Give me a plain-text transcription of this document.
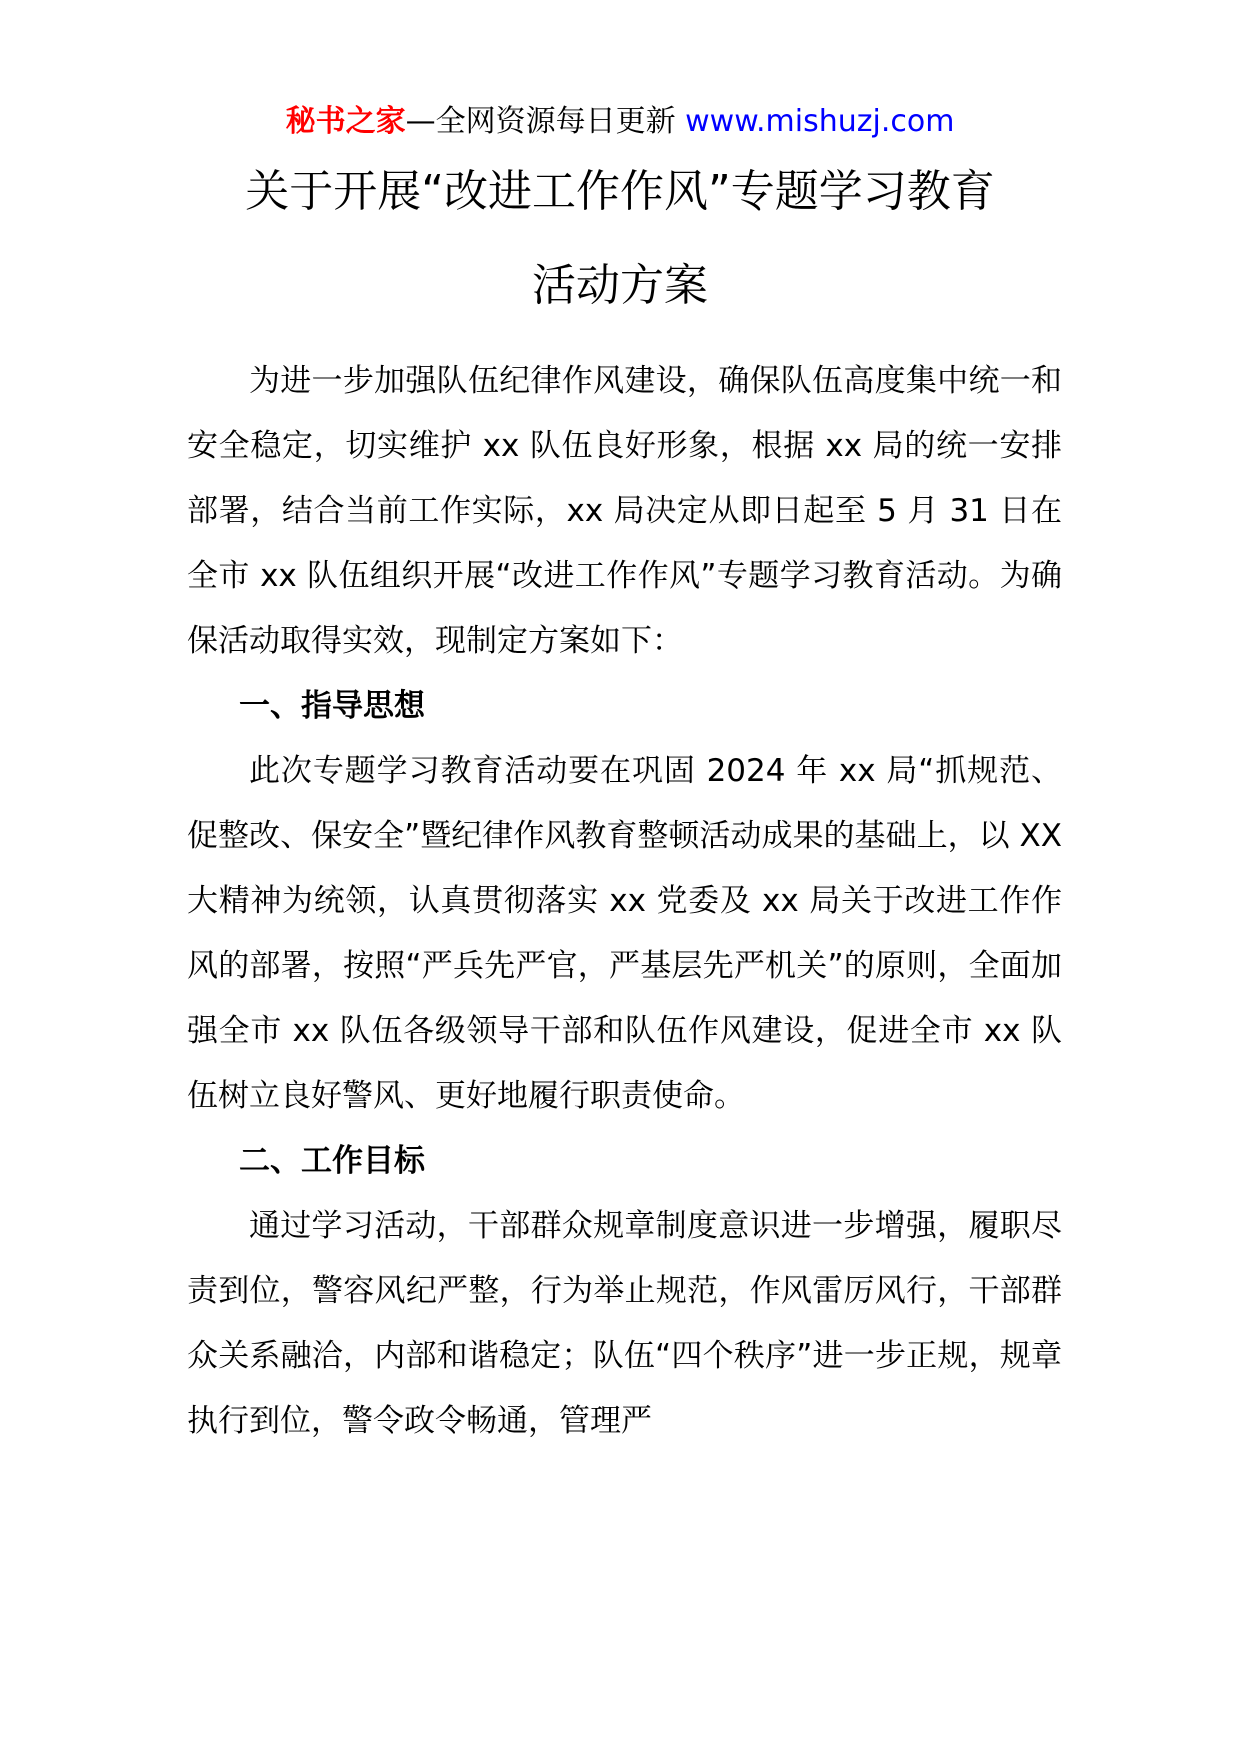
秘书之家—全网资源每日更新 www.mishuzj.com
关于开展“改进工作作风”专题学习教育
活动方案

为进一步加强队伍纪律作风建设，确保队伍高度集中统一和安全稳定，切实维护 xx 队伍良好形象，根据 xx 局的统一安排部署，结合当前工作实际，xx 局决定从即日起至 5 月 31 日在全市 xx 队伍组织开展“改进工作作风”专题学习教育活动。为确保活动取得实效，现制定方案如下：

一、指导思想

此次专题学习教育活动要在巩固 2024 年 xx 局“抓规范、促整改、保安全”暨纪律作风教育整顿活动成果的基础上，以 XX 大精神为统领，认真贯彻落实 xx 党委及 xx 局关于改进工作作风的部署，按照“严兵先严官，严基层先严机关”的原则，全面加强全市 xx 队伍各级领导干部和队伍作风建设，促进全市 xx 队伍树立良好警风、更好地履行职责使命。

二、工作目标

通过学习活动，干部群众规章制度意识进一步增强，履职尽责到位，警容风纪严整，行为举止规范，作风雷厉风行，干部群众关系融洽，内部和谐稳定；队伍“四个秩序”进一步正规，规章执行到位，警令政令畅通，管理严
